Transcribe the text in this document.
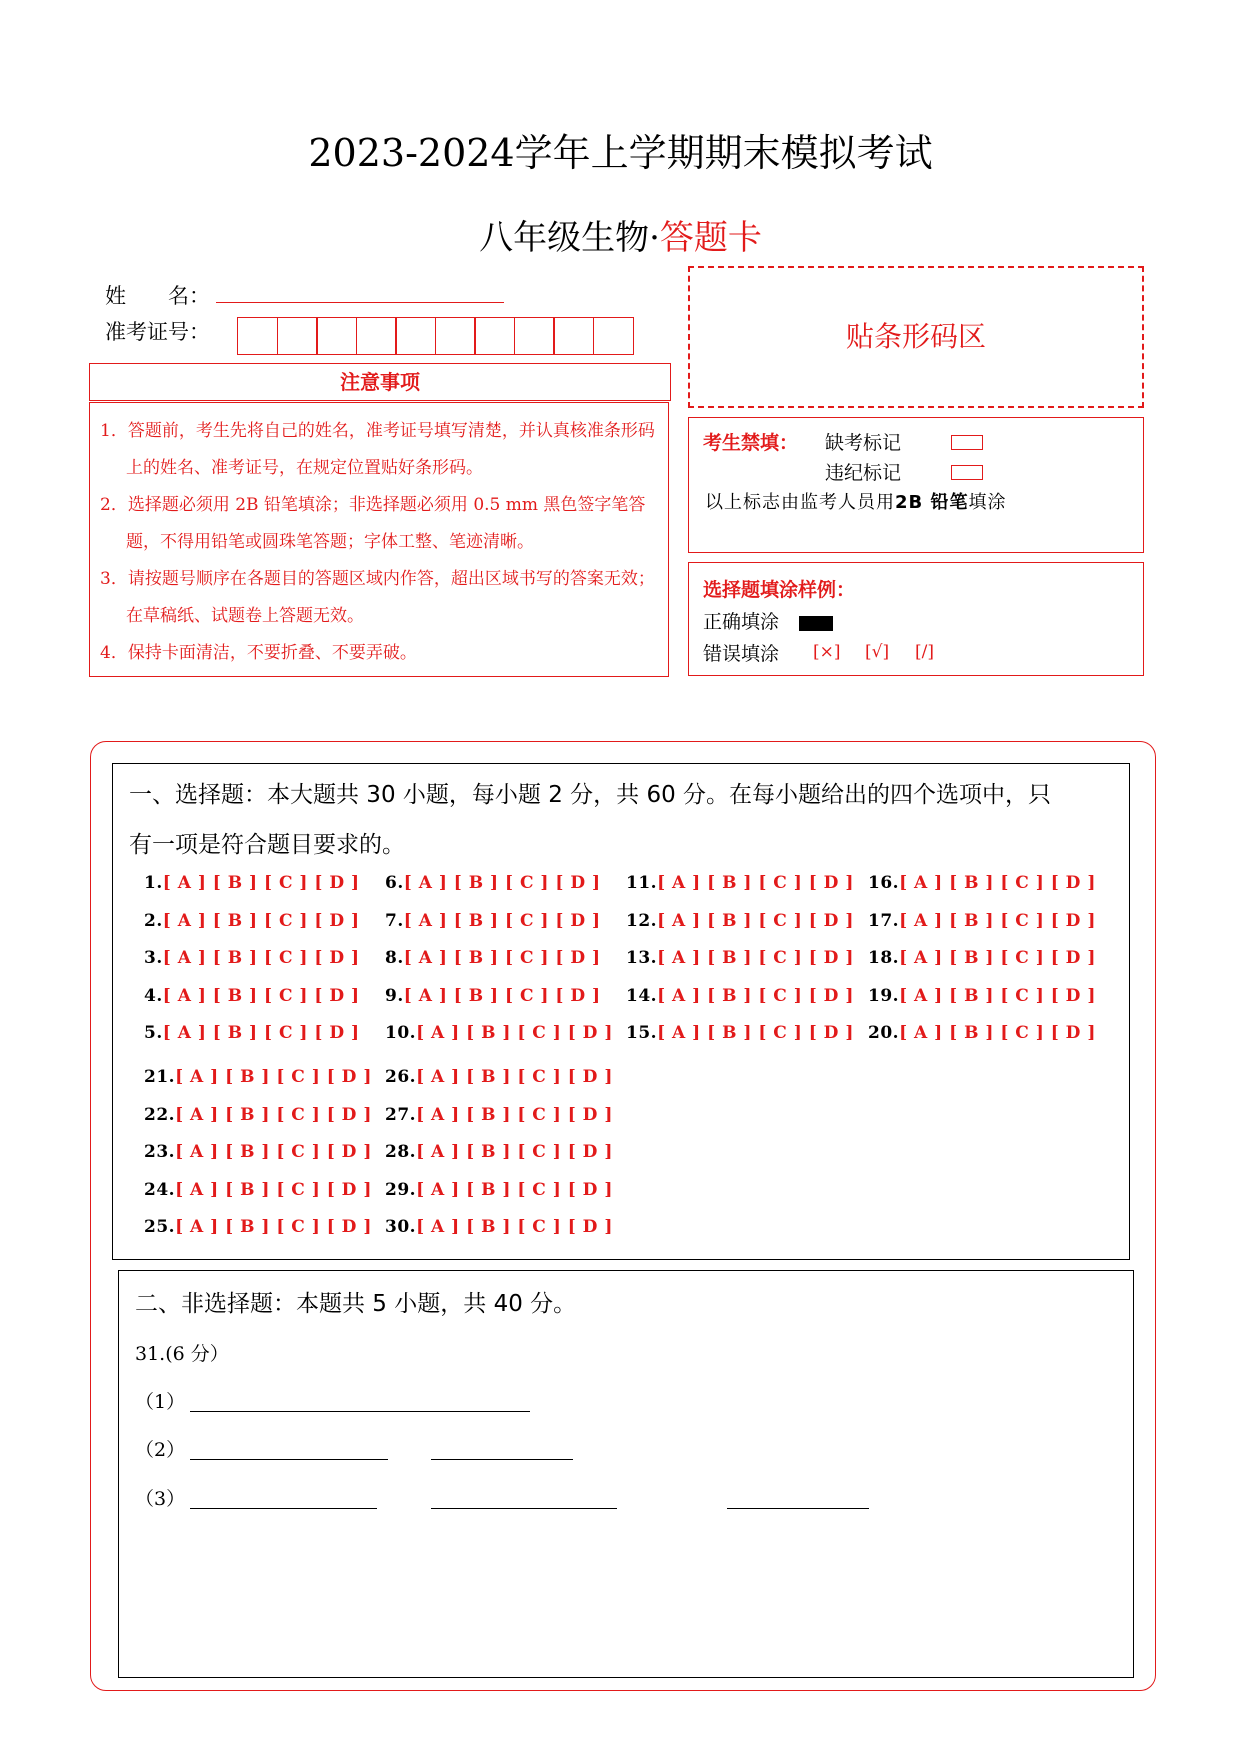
2023-2024学年上学期期末模拟考试
八年级生物·答题卡
姓　　名：
准考证号：
注意事项
1．答题前，考生先将自己的姓名，准考证号填写清楚，并认真核准条形码上的姓名、准考证号，在规定位置贴好条形码。
2．选择题必须用 2B 铅笔填涂；非选择题必须用 0.5 mm 黑色签字笔答题，不得用铅笔或圆珠笔答题；字体工整、笔迹清晰。
3．请按题号顺序在各题目的答题区域内作答，超出区域书写的答案无效；在草稿纸、试题卷上答题无效。
4．保持卡面清洁，不要折叠、不要弄破。
贴条形码区
考生禁填： 缺考标记
违纪标记
以上标志由监考人员用2B 铅笔填涂
选择题填涂样例：
正确填涂
错误填涂 [×] [√] [/]
一、选择题：本大题共 30 小题，每小题 2 分，共 60 分。在每小题给出的四个选项中，只
有一项是符合题目要求的。
1.[ A ] [ B ] [ C ] [ D ]
2.[ A ] [ B ] [ C ] [ D ]
3.[ A ] [ B ] [ C ] [ D ]
4.[ A ] [ B ] [ C ] [ D ]
5.[ A ] [ B ] [ C ] [ D ]
6.[ A ] [ B ] [ C ] [ D ]
7.[ A ] [ B ] [ C ] [ D ]
8.[ A ] [ B ] [ C ] [ D ]
9.[ A ] [ B ] [ C ] [ D ]
10.[ A ] [ B ] [ C ] [ D ]
11.[ A ] [ B ] [ C ] [ D ]
12.[ A ] [ B ] [ C ] [ D ]
13.[ A ] [ B ] [ C ] [ D ]
14.[ A ] [ B ] [ C ] [ D ]
15.[ A ] [ B ] [ C ] [ D ]
16.[ A ] [ B ] [ C ] [ D ]
17.[ A ] [ B ] [ C ] [ D ]
18.[ A ] [ B ] [ C ] [ D ]
19.[ A ] [ B ] [ C ] [ D ]
20.[ A ] [ B ] [ C ] [ D ]
21.[ A ] [ B ] [ C ] [ D ]
22.[ A ] [ B ] [ C ] [ D ]
23.[ A ] [ B ] [ C ] [ D ]
24.[ A ] [ B ] [ C ] [ D ]
25.[ A ] [ B ] [ C ] [ D ]
26.[ A ] [ B ] [ C ] [ D ]
27.[ A ] [ B ] [ C ] [ D ]
28.[ A ] [ B ] [ C ] [ D ]
29.[ A ] [ B ] [ C ] [ D ]
30.[ A ] [ B ] [ C ] [ D ]
二、非选择题：本题共 5 小题，共 40 分。
31.(6 分）
（1）
（2）
（3）
